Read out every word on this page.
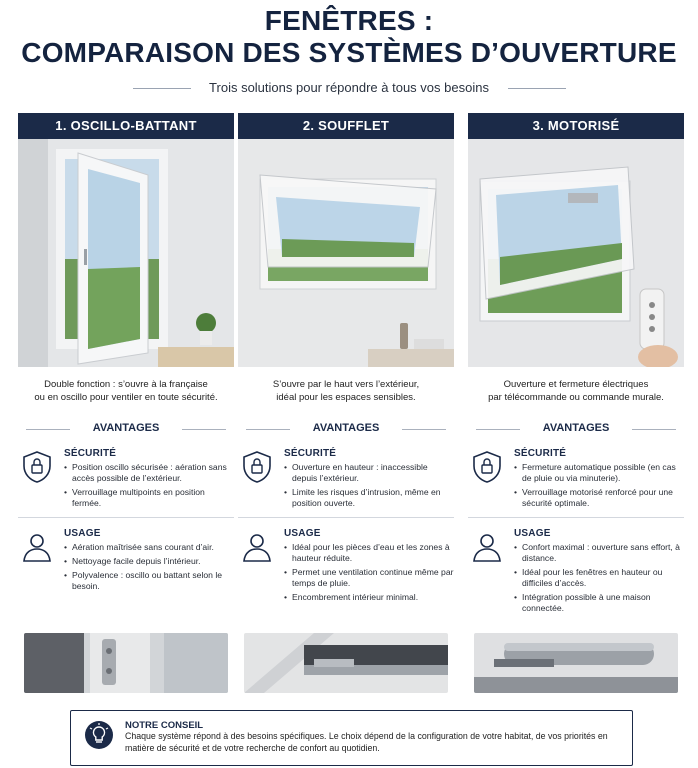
FENÊTRES :
COMPARAISON DES SYSTÈMES D’OUVERTURE
Trois solutions pour répondre à tous vos besoins
1. OSCILLO-BATTANT
Double fonction : s’ouvre à la française
ou en oscillo pour ventiler en toute sécurité.
AVANTAGES
SÉCURITÉ
• Position oscillo sécurisée : aération sans accès possible de l’extérieur.
• Verrouillage multipoints en position fermée.
USAGE
• Aération maîtrisée sans courant d’air.
• Nettoyage facile depuis l’intérieur.
• Polyvalence : oscillo ou battant selon le besoin.
2. SOUFFLET
S’ouvre par le haut vers l’extérieur,
idéal pour les espaces sensibles.
AVANTAGES
SÉCURITÉ
• Ouverture en hauteur : inaccessible depuis l’extérieur.
• Limite les risques d’intrusion, même en position ouverte.
USAGE
• Idéal pour les pièces d’eau et les zones à hauteur réduite.
• Permet une ventilation continue même par temps de pluie.
• Encombrement intérieur minimal.
3. MOTORISÉ
Ouverture et fermeture électriques
par télécommande ou commande murale.
AVANTAGES
SÉCURITÉ
• Fermeture automatique possible (en cas de pluie ou via minuterie).
• Verrouillage motorisé renforcé pour une sécurité optimale.
USAGE
• Confort maximal : ouverture sans effort, à distance.
• Idéal pour les fenêtres en hauteur ou difficiles d’accès.
• Intégration possible à une maison connectée.
NOTRE CONSEIL
Chaque système répond à des besoins spécifiques. Le choix dépend de la configuration de votre habitat, de vos priorités en matière de sécurité et de votre recherche de confort au quotidien.
